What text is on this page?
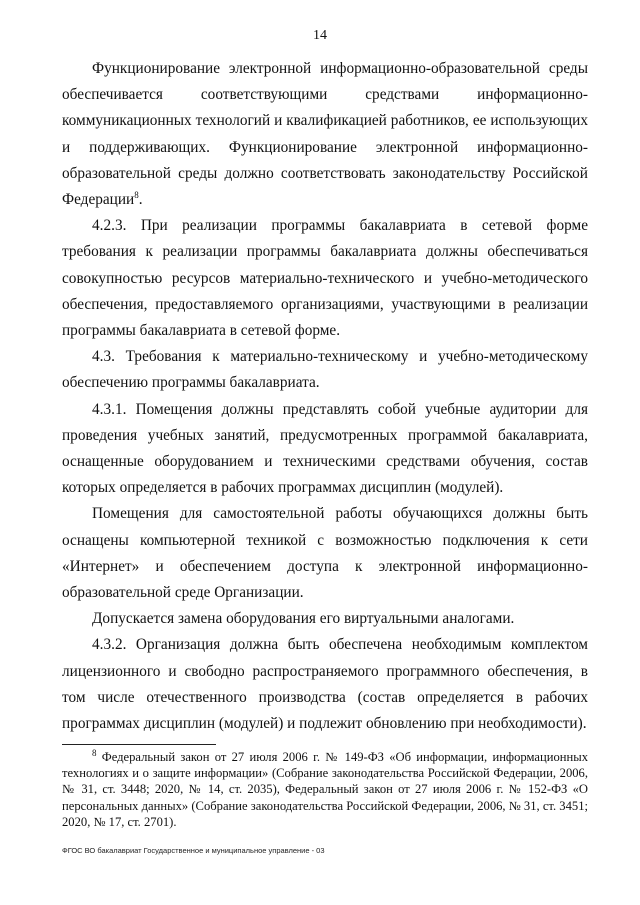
14

Функционирование электронной информационно-образовательной среды обеспечивается соответствующими средствами информационно-коммуникационных технологий и квалификацией работников, ее использующих и поддерживающих. Функционирование электронной информационно-образовательной среды должно соответствовать законодательству Российской Федерации$^8$.

4.2.3. При реализации программы бакалавриата в сетевой форме требования к реализации программы бакалавриата должны обеспечиваться совокупностью ресурсов материально-технического и учебно-методического обеспечения, предоставляемого организациями, участвующими в реализации программы бакалавриата в сетевой форме.

4.3. Требования к материально-техническому и учебно-методическому обеспечению программы бакалавриата.

4.3.1. Помещения должны представлять собой учебные аудитории для проведения учебных занятий, предусмотренных программой бакалавриата, оснащенные оборудованием и техническими средствами обучения, состав которых определяется в рабочих программах дисциплин (модулей).

Помещения для самостоятельной работы обучающихся должны быть оснащены компьютерной техникой с возможностью подключения к сети «Интернет» и обеспечением доступа к электронной информационно-образовательной среде Организации.

Допускается замена оборудования его виртуальными аналогами.

4.3.2. Организация должна быть обеспечена необходимым комплектом лицензионного и свободно распространяемого программного обеспечения, в том числе отечественного производства (состав определяется в рабочих программах дисциплин (модулей) и подлежит обновлению при необходимости).

$^8$ Федеральный закон от 27 июля 2006 г. № 149-ФЗ «Об информации, информационных технологиях и о защите информации» (Собрание законодательства Российской Федерации, 2006, № 31, ст. 3448; 2020, № 14, ст. 2035), Федеральный закон от 27 июля 2006 г. № 152-ФЗ «О персональных данных» (Собрание законодательства Российской Федерации, 2006, № 31, ст. 3451; 2020, № 17, ст. 2701).
ФГОС ВО бакалавриат Государственное и муниципальное управление - 03
